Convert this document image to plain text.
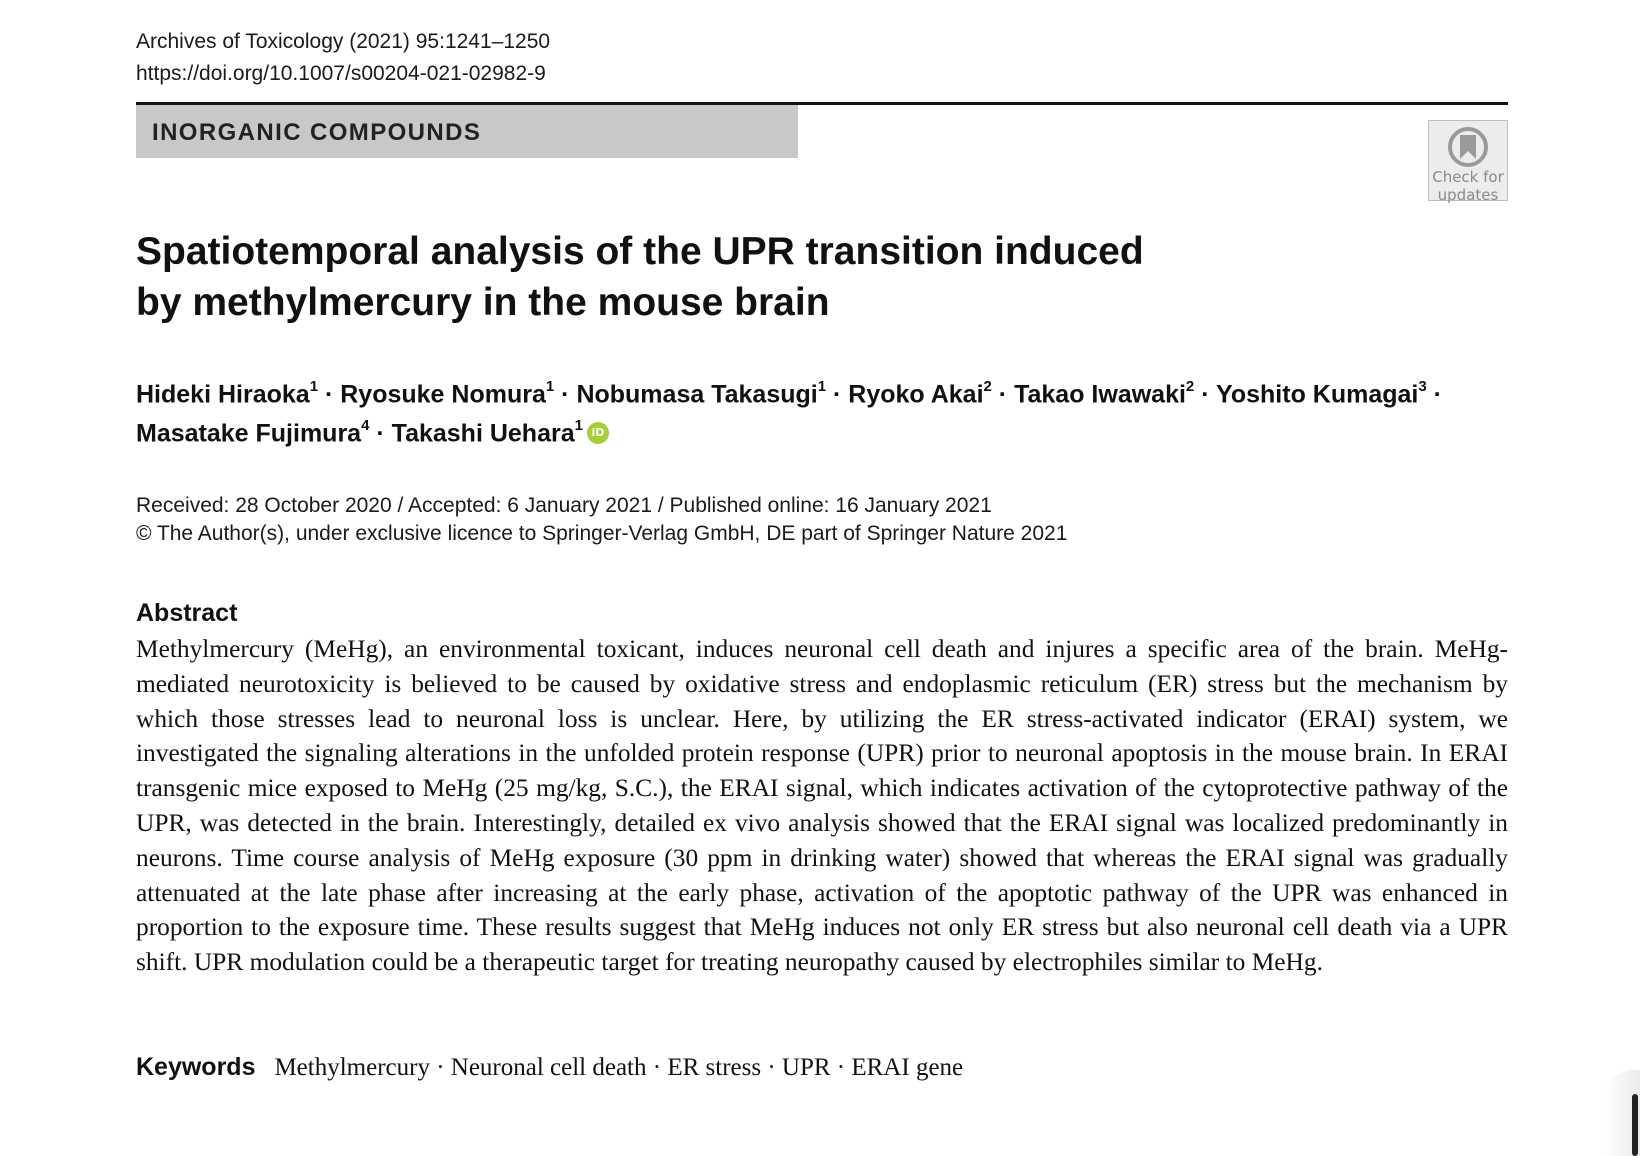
Archives of Toxicology (2021) 95:1241–1250
https://doi.org/10.1007/s00204-021-02982-9
INORGANIC COMPOUNDS
Check for
updates
Spatiotemporal analysis of the UPR transition induced
by methylmercury in the mouse brain
Hideki Hiraoka$^1$ · Ryosuke Nomura$^1$ · Nobumasa Takasugi$^1$ · Ryoko Akai$^2$ · Takao Iwawaki$^2$ · Yoshito Kumagai$^3$ ·
Masatake Fujimura$^4$ · Takashi Uehara$^1$ iD
Received: 28 October 2020 / Accepted: 6 January 2021 / Published online: 16 January 2021
© The Author(s), under exclusive licence to Springer-Verlag GmbH, DE part of Springer Nature 2021
Abstract

Methylmercury (MeHg), an environmental toxicant, induces neuronal cell death and injures a specific area of the brain. MeHg-mediated neurotoxicity is believed to be caused by oxidative stress and endoplasmic reticulum (ER) stress but the mechanism by which those stresses lead to neuronal loss is unclear. Here, by utilizing the ER stress-activated indicator (ERAI) system, we investigated the signaling alterations in the unfolded protein response (UPR) prior to neuronal apoptosis in the mouse brain. In ERAI transgenic mice exposed to MeHg (25 mg/kg, S.C.), the ERAI signal, which indicates activation of the cytoprotective pathway of the UPR, was detected in the brain. Interestingly, detailed ex vivo analysis showed that the ERAI signal was localized predominantly in neurons. Time course analysis of MeHg exposure (30 ppm in drinking water) showed that whereas the ERAI signal was gradually attenuated at the late phase after increasing at the early phase, activation of the apoptotic pathway of the UPR was enhanced in proportion to the exposure time. These results suggest that MeHg induces not only ER stress but also neuronal cell death via a UPR shift. UPR modulation could be a therapeutic target for treating neuropathy caused by electrophiles similar to MeHg.

Keywords Methylmercury · Neuronal cell death · ER stress · UPR · ERAI gene
